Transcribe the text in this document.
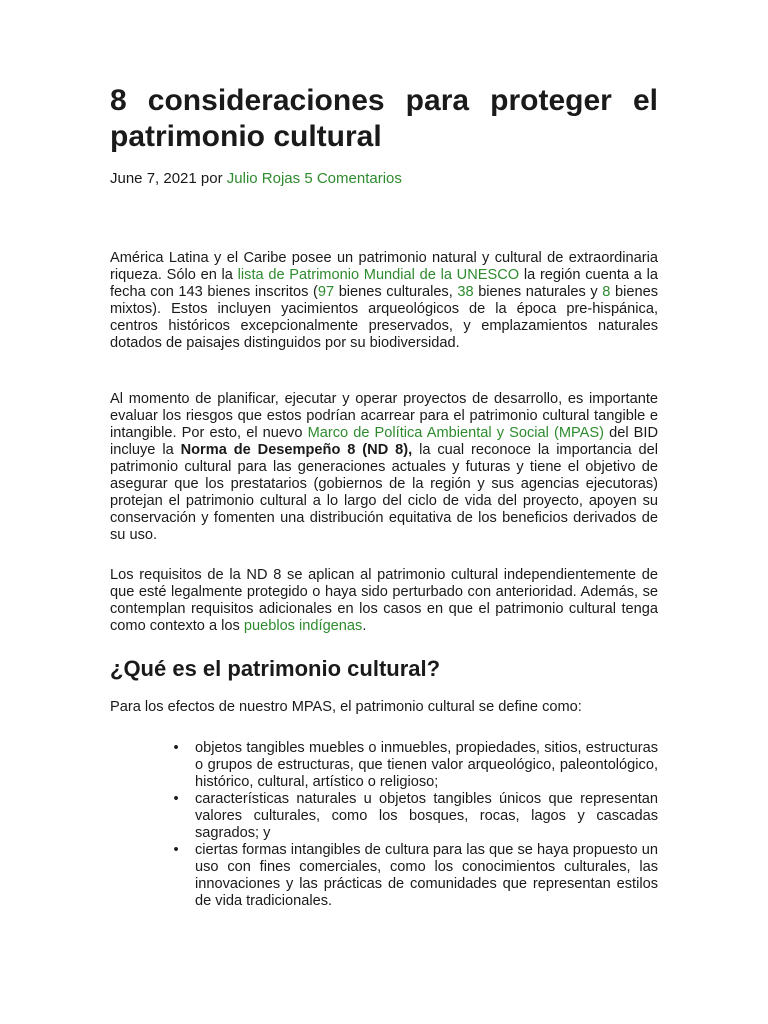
8 consideraciones para proteger el patrimonio cultural

June 7, 2021 por Julio Rojas 5 Comentarios

América Latina y el Caribe posee un patrimonio natural y cultural de extraordinaria riqueza. Sólo en la lista de Patrimonio Mundial de la UNESCO la región cuenta a la fecha con 143 bienes inscritos (97 bienes culturales, 38 bienes naturales y 8 bienes mixtos). Estos incluyen yacimientos arqueológicos de la época pre-hispánica, centros históricos excepcionalmente preservados, y emplazamientos naturales dotados de paisajes distinguidos por su biodiversidad.

Al momento de planificar, ejecutar y operar proyectos de desarrollo, es importante evaluar los riesgos que estos podrían acarrear para el patrimonio cultural tangible e intangible. Por esto, el nuevo Marco de Política Ambiental y Social (MPAS) del BID incluye la Norma de Desempeño 8 (ND 8), la cual reconoce la importancia del patrimonio cultural para las generaciones actuales y futuras y tiene el objetivo de asegurar que los prestatarios (gobiernos de la región y sus agencias ejecutoras) protejan el patrimonio cultural a lo largo del ciclo de vida del proyecto, apoyen su conservación y fomenten una distribución equitativa de los beneficios derivados de su uso.

Los requisitos de la ND 8 se aplican al patrimonio cultural independientemente de que esté legalmente protegido o haya sido perturbado con anterioridad. Además, se contemplan requisitos adicionales en los casos en que el patrimonio cultural tenga como contexto a los pueblos indígenas.

¿Qué es el patrimonio cultural?

Para los efectos de nuestro MPAS, el patrimonio cultural se define como:

• objetos tangibles muebles o inmuebles, propiedades, sitios, estructuras o grupos de estructuras, que tienen valor arqueológico, paleontológico, histórico, cultural, artístico o religioso;
• características naturales u objetos tangibles únicos que representan valores culturales, como los bosques, rocas, lagos y cascadas sagrados; y
• ciertas formas intangibles de cultura para las que se haya propuesto un uso con fines comerciales, como los conocimientos culturales, las innovaciones y las prácticas de comunidades que representan estilos de vida tradicionales.
